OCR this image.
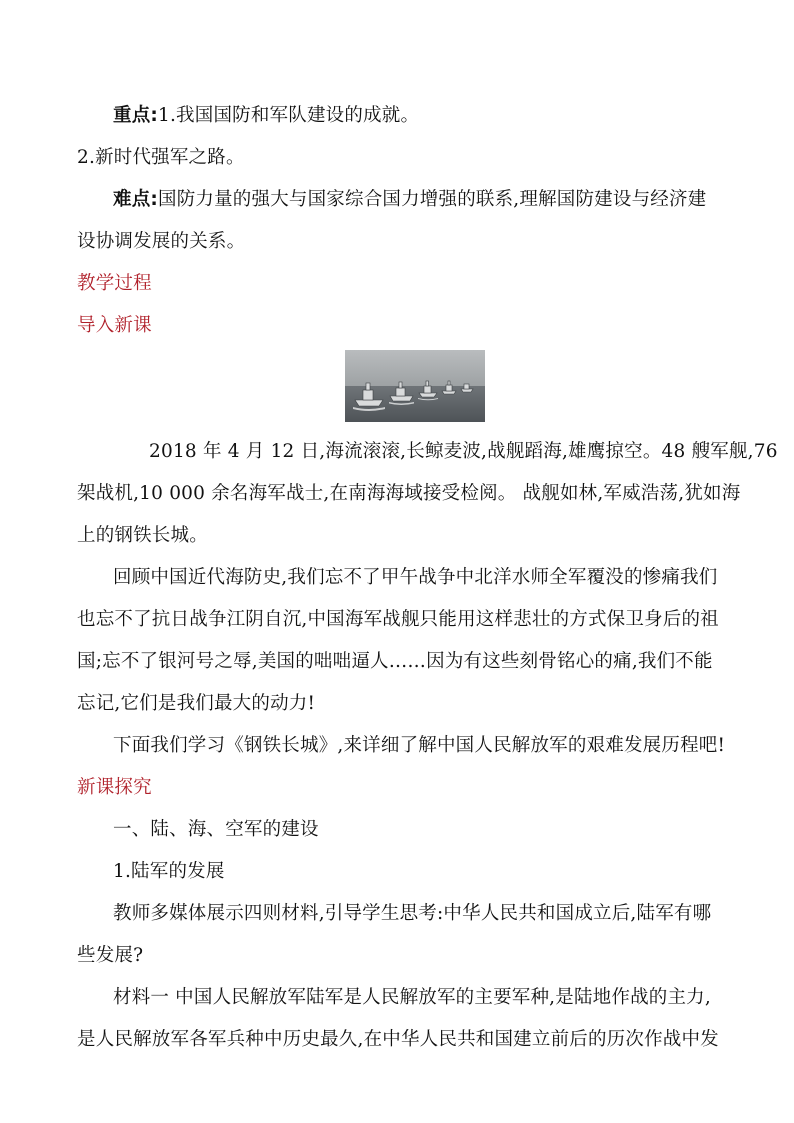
重点:1.我国国防和军队建设的成就。
2.新时代强军之路。
难点:国防力量的强大与国家综合国力增强的联系,理解国防建设与经济建
设协调发展的关系。
教学过程
导入新课
2018 年 4 月 12 日,海流滚滚,长鲸麦波,战舰蹈海,雄鹰掠空。48 艘军舰,76
架战机,10 000 余名海军战士,在南海海域接受检阅。 战舰如林,军威浩荡,犹如海
上的钢铁长城。
回顾中国近代海防史,我们忘不了甲午战争中北洋水师全军覆没的惨痛我们
也忘不了抗日战争江阴自沉,中国海军战舰只能用这样悲壮的方式保卫身后的祖
国;忘不了银河号之辱,美国的咄咄逼人……因为有这些刻骨铭心的痛,我们不能
忘记,它们是我们最大的动力!
下面我们学习《钢铁长城》,来详细了解中国人民解放军的艰难发展历程吧!
新课探究
一、陆、海、空军的建设
1.陆军的发展
教师多媒体展示四则材料,引导学生思考:中华人民共和国成立后,陆军有哪
些发展?
材料一 中国人民解放军陆军是人民解放军的主要军种,是陆地作战的主力,
是人民解放军各军兵种中历史最久,在中华人民共和国建立前后的历次作战中发
